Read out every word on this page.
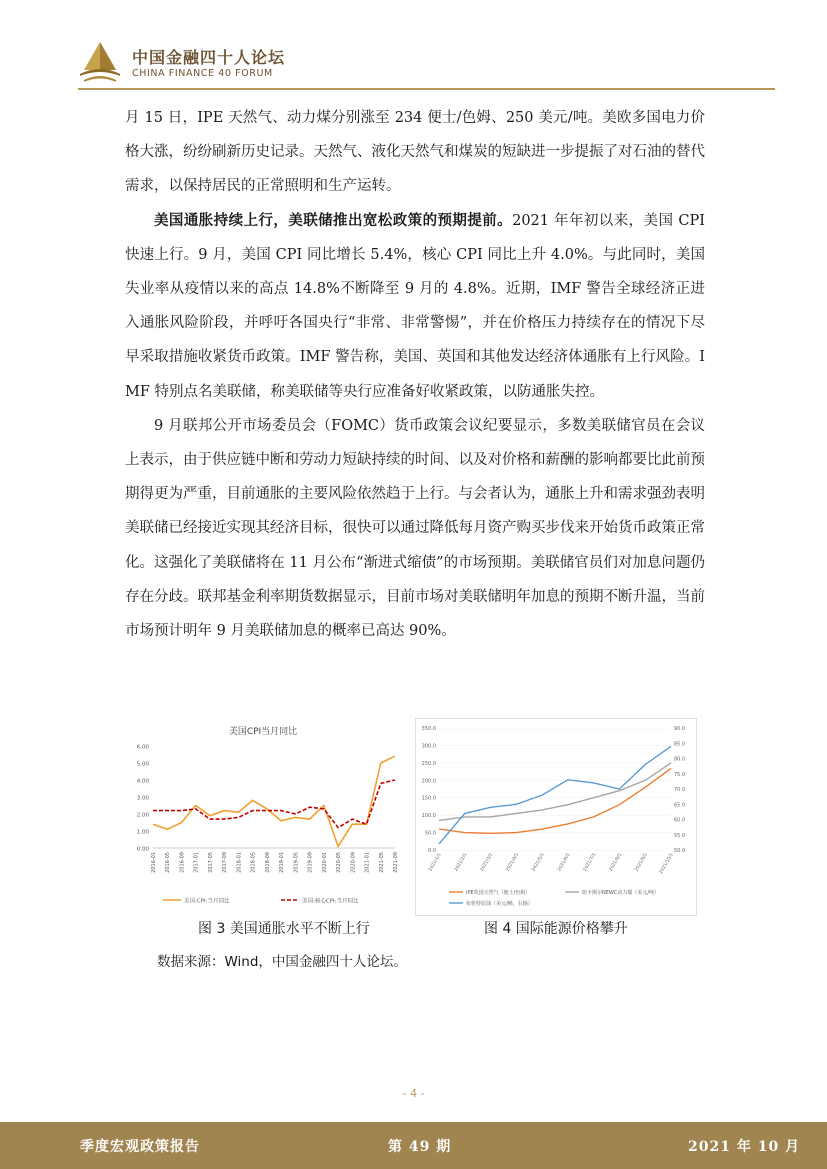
中国金融四十人论坛
CHINA FINANCE 40 FORUM

月 15 日，IPE 天然气、动力煤分别涨至 234 便士/色姆、250 美元/吨。美欧多国电力价格大涨，纷纷刷新历史记录。天然气、液化天然气和煤炭的短缺进一步提振了对石油的替代需求，以保持居民的正常照明和生产运转。

美国通胀持续上行，美联储推出宽松政策的预期提前。2021 年年初以来，美国 CPI 快速上行。9 月，美国 CPI 同比增长 5.4%，核心 CPI 同比上升 4.0%。与此同时，美国失业率从疫情以来的高点 14.8%不断降至 9 月的 4.8%。近期，IMF 警告全球经济正进入通胀风险阶段，并呼吁各国央行“非常、非常警惕”，并在价格压力持续存在的情况下尽早采取措施收紧货币政策。IMF 警告称，美国、英国和其他发达经济体通胀有上行风险。IMF 特别点名美联储，称美联储等央行应准备好收紧政策，以防通胀失控。

9 月联邦公开市场委员会（FOMC）货币政策会议纪要显示，多数美联储官员在会议上表示，由于供应链中断和劳动力短缺持续的时间、以及对价格和薪酬的影响都要比此前预期得更为严重，目前通胀的主要风险依然趋于上行。与会者认为，通胀上升和需求强劲表明美联储已经接近实现其经济目标，很快可以通过降低每月资产购买步伐来开始货币政策正常化。这强化了美联储将在 11 月公布“渐进式缩债”的市场预期。美联储官员们对加息问题仍存在分歧。联邦基金利率期货数据显示，目前市场对美联储明年加息的预期不断升温，当前市场预计明年 9 月美联储加息的概率已高达 90%。

美国CPI当月同比
0.00
1.00
2.00
3.00
4.00
5.00
6.00
2016-01 2016-05 2016-09 2017-01 2017-05 2017-09 2018-01 2018-05 2018-09 2019-01 2019-05 2019-09 2020-01 2020-05 2020-09 2021-01 2021-05 2021-09
美国:CPI:当月同比	美国:核心CPI:当月同比
0.0
50.0
100.0
150.0
200.0
250.0
300.0
350.0
50.0
55.0
60.0
65.0
70.0
75.0
80.0
85.0
90.0
2021/1/1	2021/2/1	2021/3/1	2021/4/1	2021/5/1	2021/6/1	2021/7/1	2021/8/1	2021/9/1 2021/10/1
IPE英国天然气（便士/色姆）	纽卡斯尔NEWC动力煤（美元/吨）
布伦特原油（美元/桶，右轴）
图 3 美国通胀水平不断上行	图 4 国际能源价格攀升
数据来源：Wind，中国金融四十人论坛。
- 4 -
季度宏观政策报告	第 49 期	2021 年 10 月
